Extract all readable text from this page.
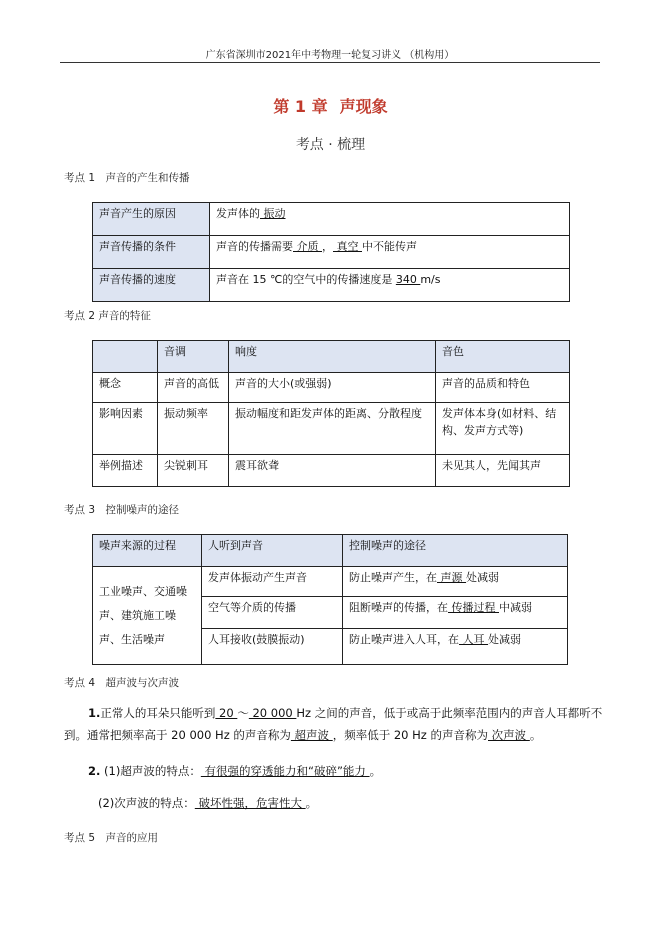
广东省深圳市2021年中考物理一轮复习讲义 （机构用）
第 1 章 声现象
考点 · 梳理
考点 1　声音的产生和传播
声音产生的原因	发声体的 振动
声音传播的条件	声音的传播需要 介质 ， 真空 中不能传声
声音传播的速度	声音在 15 ℃的空气中的传播速度是 340 m/s
考点 2 声音的特征
	音调	响度	音色
概念	声音的高低	声音的大小(或强弱)	声音的品质和特色
影响因素	振动频率	振动幅度和距发声体的距离、分散程度	发声体本身(如材料、结构、发声方式等)
举例描述	尖锐刺耳	震耳欲聋	未见其人，先闻其声
考点 3　控制噪声的途径
噪声来源的过程	人听到声音	控制噪声的途径
工业噪声、交通噪声、建筑施工噪声、生活噪声	发声体振动产生声音	防止噪声产生，在 声源 处减弱
	空气等介质的传播	阻断噪声的传播，在 传播过程 中减弱
	人耳接收(鼓膜振动)	防止噪声进入人耳，在 人耳 处减弱
考点 4　超声波与次声波
1.正常人的耳朵只能听到 20 ～ 20 000 Hz 之间的声音，低于或高于此频率范围内的声音人耳都听不到。通常把频率高于 20 000 Hz 的声音称为 超声波 ，频率低于 20 Hz 的声音称为 次声波 。
2. (1)超声波的特点： 有很强的穿透能力和“破碎”能力 。
(2)次声波的特点： 破坏性强，危害性大 。
考点 5　声音的应用
